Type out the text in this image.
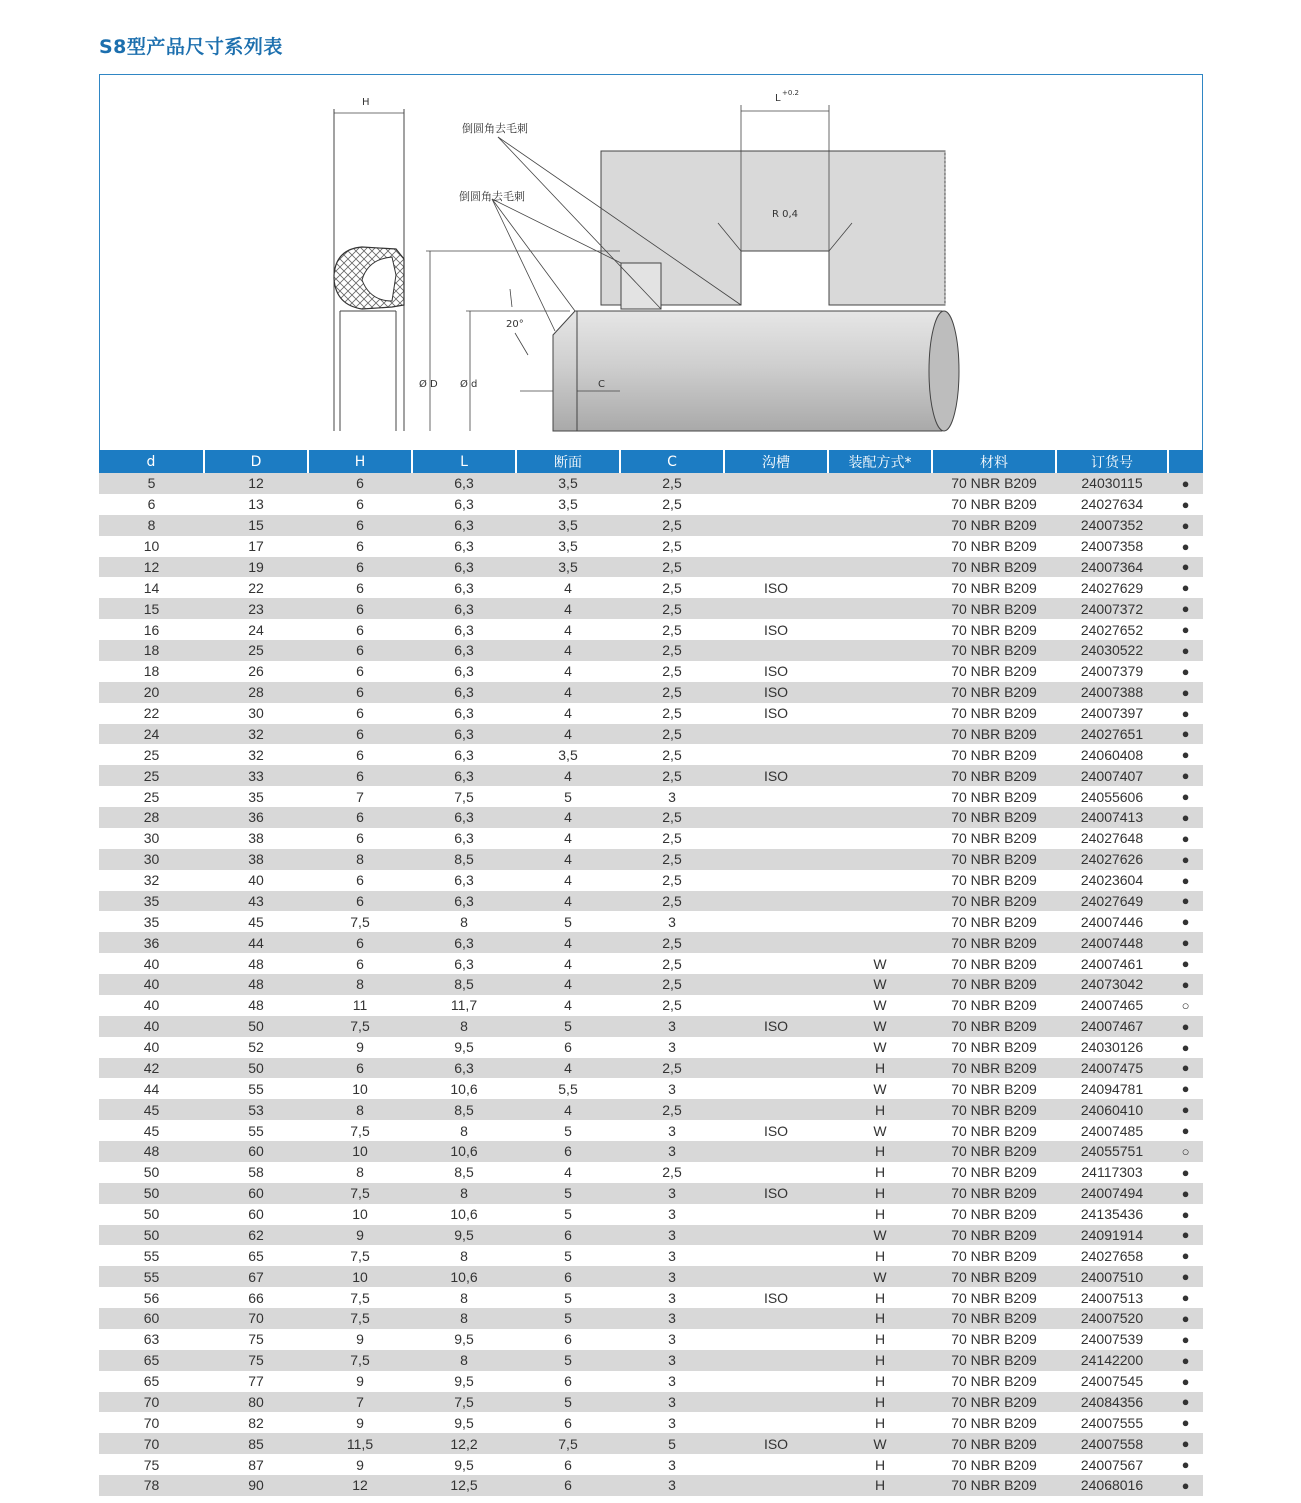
S8型产品尺寸系列表
H	L +0.2
倒圆角去毛刺
倒圆角去毛刺
R 0,4
20°
Ø D Ø d	C
d	D	H	L	断面	C	沟槽	装配方式*	材料	订货号	
5	12	6	6,3	3,5	2,5			70 NBR B209	24030115	●
6	13	6	6,3	3,5	2,5			70 NBR B209	24027634	●
8	15	6	6,3	3,5	2,5			70 NBR B209	24007352	●
10	17	6	6,3	3,5	2,5			70 NBR B209	24007358	●
12	19	6	6,3	3,5	2,5			70 NBR B209	24007364	●
14	22	6	6,3	4	2,5	ISO		70 NBR B209	24027629	●
15	23	6	6,3	4	2,5			70 NBR B209	24007372	●
16	24	6	6,3	4	2,5	ISO		70 NBR B209	24027652	●
18	25	6	6,3	4	2,5			70 NBR B209	24030522	●
18	26	6	6,3	4	2,5	ISO		70 NBR B209	24007379	●
20	28	6	6,3	4	2,5	ISO		70 NBR B209	24007388	●
22	30	6	6,3	4	2,5	ISO		70 NBR B209	24007397	●
24	32	6	6,3	4	2,5			70 NBR B209	24027651	●
25	32	6	6,3	3,5	2,5			70 NBR B209	24060408	●
25	33	6	6,3	4	2,5	ISO		70 NBR B209	24007407	●
25	35	7	7,5	5	3			70 NBR B209	24055606	●
28	36	6	6,3	4	2,5			70 NBR B209	24007413	●
30	38	6	6,3	4	2,5			70 NBR B209	24027648	●
30	38	8	8,5	4	2,5			70 NBR B209	24027626	●
32	40	6	6,3	4	2,5			70 NBR B209	24023604	●
35	43	6	6,3	4	2,5			70 NBR B209	24027649	●
35	45	7,5	8	5	3			70 NBR B209	24007446	●
36	44	6	6,3	4	2,5			70 NBR B209	24007448	●
40	48	6	6,3	4	2,5		W	70 NBR B209	24007461	●
40	48	8	8,5	4	2,5		W	70 NBR B209	24073042	●
40	48	11	11,7	4	2,5		W	70 NBR B209	24007465	○
40	50	7,5	8	5	3	ISO	W	70 NBR B209	24007467	●
40	52	9	9,5	6	3		W	70 NBR B209	24030126	●
42	50	6	6,3	4	2,5		H	70 NBR B209	24007475	●
44	55	10	10,6	5,5	3		W	70 NBR B209	24094781	●
45	53	8	8,5	4	2,5		H	70 NBR B209	24060410	●
45	55	7,5	8	5	3	ISO	W	70 NBR B209	24007485	●
48	60	10	10,6	6	3		H	70 NBR B209	24055751	○
50	58	8	8,5	4	2,5		H	70 NBR B209	24117303	●
50	60	7,5	8	5	3	ISO	H	70 NBR B209	24007494	●
50	60	10	10,6	5	3		H	70 NBR B209	24135436	●
50	62	9	9,5	6	3		W	70 NBR B209	24091914	●
55	65	7,5	8	5	3		H	70 NBR B209	24027658	●
55	67	10	10,6	6	3		W	70 NBR B209	24007510	●
56	66	7,5	8	5	3	ISO	H	70 NBR B209	24007513	●
60	70	7,5	8	5	3		H	70 NBR B209	24007520	●
63	75	9	9,5	6	3		H	70 NBR B209	24007539	●
65	75	7,5	8	5	3		H	70 NBR B209	24142200	●
65	77	9	9,5	6	3		H	70 NBR B209	24007545	●
70	80	7	7,5	5	3		H	70 NBR B209	24084356	●
70	82	9	9,5	6	3		H	70 NBR B209	24007555	●
70	85	11,5	12,2	7,5	5	ISO	W	70 NBR B209	24007558	●
75	87	9	9,5	6	3		H	70 NBR B209	24007567	●
78	90	12	12,5	6	3		H	70 NBR B209	24068016	●
